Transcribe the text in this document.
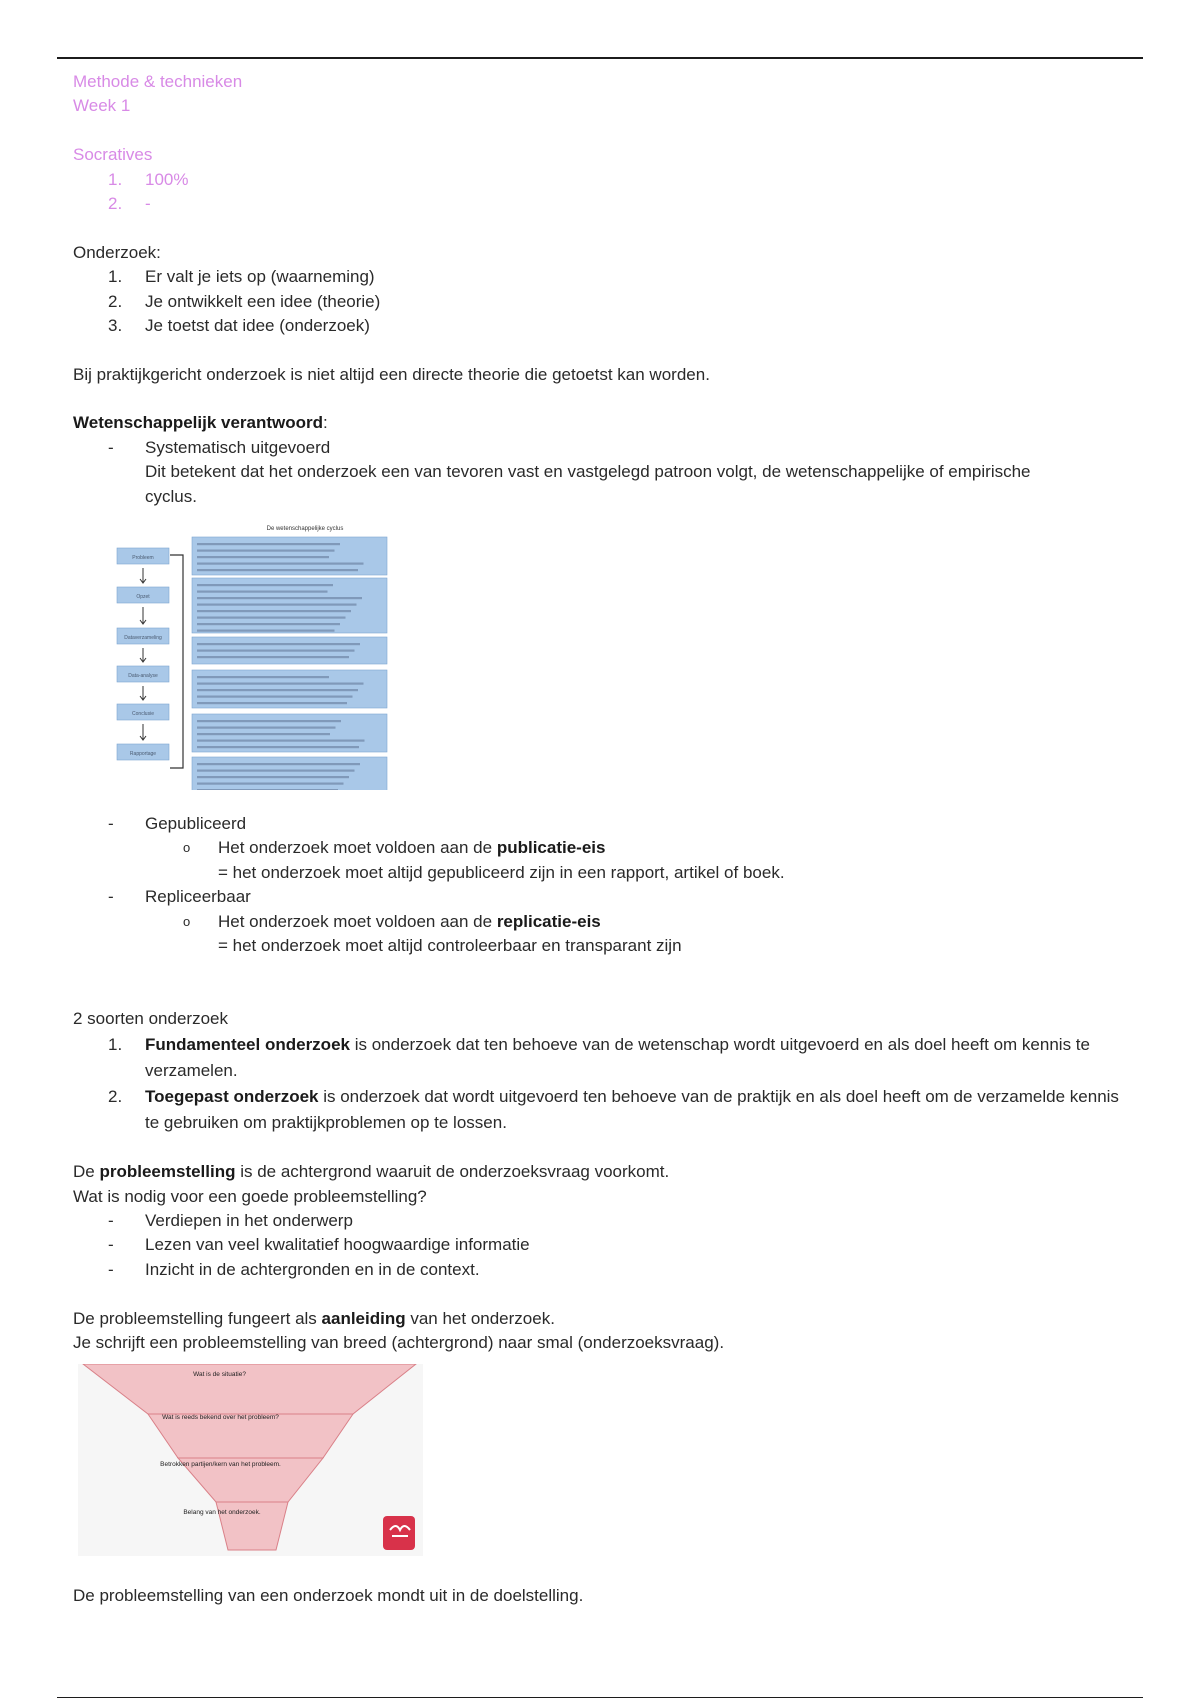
Methode & technieken
Week 1
Socratives
1. 100%
2. -
Onderzoek:
1. Er valt je iets op (waarneming)
2. Je ontwikkelt een idee (theorie)
3. Je toetst dat idee (onderzoek)
Bij praktijkgericht onderzoek is niet altijd een directe theorie die getoetst kan worden.
Wetenschappelijk verantwoord:
- Systematisch uitgevoerd
Dit betekent dat het onderzoek een van tevoren vast en vastgelegd patroon volgt, de wetenschappelijke of empirische
cyclus.
- Gepubliceerd
o Het onderzoek moet voldoen aan de publicatie-eis
= het onderzoek moet altijd gepubliceerd zijn in een rapport, artikel of boek.
- Repliceerbaar
o Het onderzoek moet voldoen aan de replicatie-eis
= het onderzoek moet altijd controleerbaar en transparant zijn
2 soorten onderzoek
1. Fundamenteel onderzoek is onderzoek dat ten behoeve van de wetenschap wordt uitgevoerd en als doel heeft om kennis te verzamelen.
2. Toegepast onderzoek is onderzoek dat wordt uitgevoerd ten behoeve van de praktijk en als doel heeft om de verzamelde kennis te gebruiken om praktijkproblemen op te lossen.
De probleemstelling is de achtergrond waaruit de onderzoeksvraag voorkomt.
Wat is nodig voor een goede probleemstelling?
- Verdiepen in het onderwerp
- Lezen van veel kwalitatief hoogwaardige informatie
- Inzicht in de achtergronden en in de context.
De probleemstelling fungeert als aanleiding van het onderzoek.
Je schrijft een probleemstelling van breed (achtergrond) naar smal (onderzoeksvraag).
De probleemstelling van een onderzoek mondt uit in de doelstelling.
De wetenschappelijke cyclus
Probleem
Opzet
Dataverzameling
Data-analyse
Conclusie
Rapportage
Wat is de situatie?
Wat is reeds bekend over het probleem?
Betrokken partijen/kern van het probleem.
Belang van het onderzoek.
